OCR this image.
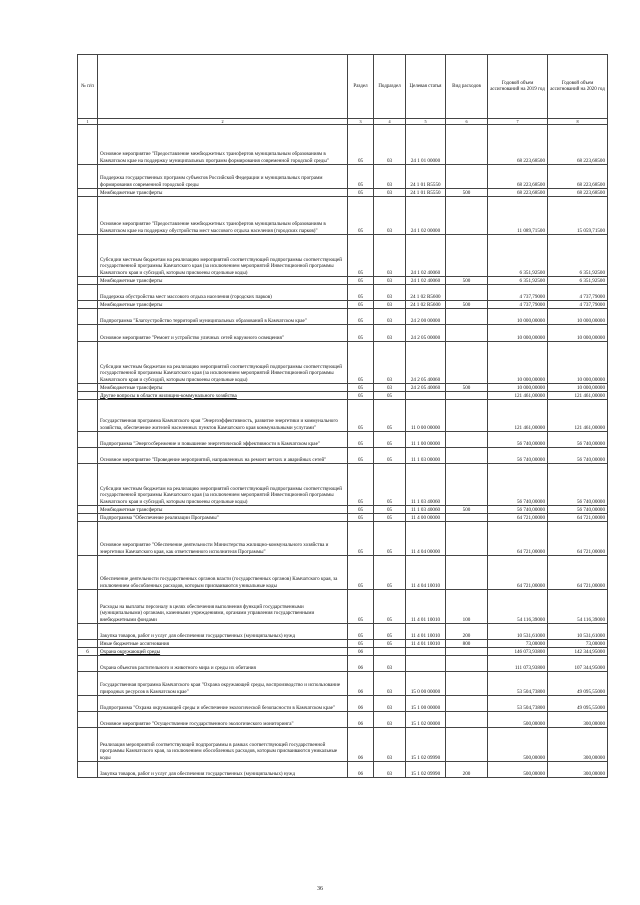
№ п/п		Раздел	Подраздел	Целевая статья	Вид расходов	Годовой объем ассигнований на 2019 год	Годовой объем ассигнований на 2020 год
1	2	3	4	5	6	7	8
	Основное мероприятие "Предоставление межбюджетных трансфертов муниципальным образованиям в Камчатском крае на поддержку муниципальных программ формирования современной городской среды"	05	03	24 1 01 00000		68 223,68500	68 223,68500
	Поддержка государственных программ субъектов Российской Федерации и муниципальных программ формирования современной городской среды	05	03	24 1 01 R5550		68 223,68500	68 223,68500
	Межбюджетные трансферты	05	03	24 1 01 R5550	500	68 223,68500	68 223,68500
	Основное мероприятие "Предоставление межбюджетных трансфертов муниципальным образованиям в Камчатском крае на поддержку обустройства мест массового отдыха населения (городских парков)"	05	03	24 1 02 00000		11 089,71500	15 059,71500
	Субсидии местным бюджетам на реализацию мероприятий соответствующей подпрограммы соответствующей государственной программы Камчатского края (за исключением мероприятий Инвестиционной программы Камчатского края и субсидий, которым присвоены отдельные коды)	05	03	24 1 02 40060		6 351,92500	6 351,92500
	Межбюджетные трансферты	05	03	24 1 02 40060	500	6 351,92500	6 351,92500
	Поддержка обустройства мест массового отдыха населения (городских парков)	05	03	24 1 02 R5600		4 737,79000	4 737,79000
	Межбюджетные трансферты	05	03	24 1 02 R5600	500	4 737,79000	4 737,79000
	Подпрограмма "Благоустройство территорий муниципальных образований в Камчатском крае"	05	03	24 2 00 00000		10 000,00000	10 000,00000
	Основное мероприятие "Ремонт и устройство уличных сетей наружного освещения"	05	03	24 2 05 00000		10 000,00000	10 000,00000
	Субсидии местным бюджетам на реализацию мероприятий соответствующей подпрограммы соответствующей государственной программы Камчатского края (за исключением мероприятий Инвестиционной программы Камчатского края и субсидий, которым присвоены отдельные коды)	05	03	24 2 05 40060		10 000,00000	10 000,00000
	Межбюджетные трансферты	05	03	24 2 05 40060	500	10 000,00000	10 000,00000
	Другие вопросы в области жилищно-коммунального хозяйства	05	05			121 461,00000	121 461,00000
	Государственная программа Камчатского края "Энергоэффективность, развитие энергетики и коммунального хозяйства, обеспечение жителей населенных пунктов Камчатского края коммунальными услугами"	05	05	11 0 00 00000		121 461,00000	121 461,00000
	Подпрограмма "Энергосбережение и повышение энергетической эффективности в Камчатском крае"	05	05	11 1 00 00000		56 740,00000	56 740,00000
	Основное мероприятие "Проведение мероприятий, направленных на ремонт ветхих и аварийных сетей"	05	05	11 1 03 00000		56 740,00000	56 740,00000
	Субсидии местным бюджетам на реализацию мероприятий соответствующей подпрограммы соответствующей государственной программы Камчатского края (за исключением мероприятий Инвестиционной программы Камчатского края и субсидий, которым присвоены отдельные коды)	05	05	11 1 03 40060		56 740,00000	56 740,00000
	Межбюджетные трансферты	05	05	11 1 03 40060	500	56 740,00000	56 740,00000
	Подпрограмма "Обеспечение реализации Программы"	05	05	11 4 00 00000		64 721,00000	64 721,00000
	Основное мероприятие "Обеспечение деятельности Министерства жилищно-коммунального хозяйства и энергетики Камчатского края, как ответственного исполнителя Программы"	05	05	11 4 04 00000		64 721,00000	64 721,00000
	Обеспечение деятельности государственных органов власти (государственных органов) Камчатского края, за исключением обособленных расходов, которым присваиваются уникальные коды	05	05	11 4 04 10010		64 721,00000	64 721,00000
	Расходы на выплаты персоналу в целях обеспечения выполнения функций государственными (муниципальными) органами, казенными учреждениями, органами управления государственными внебюджетными фондами	05	05	11 4 01 10010	100	54 116,39000	54 116,39000
	Закупка товаров, работ и услуг для обеспечения государственных (муниципальных) нужд	05	05	11 4 01 10010	200	10 531,61000	10 531,61000
	Иные бюджетные ассигнования	05	05	11 4 01 10010	800	73,00000	73,00000
6	Охрана окружающей среды	06				146 073,93800	142 344,95000
	Охрана объектов растительного и животного мира и среды их обитания	06	03			111 073,93800	107 344,95000
	Государственная программа Камчатского края "Охрана окружающей среды, воспроизводство и использование природных ресурсов в Камчатском крае"	06	03	15 0 00 00000		53 504,73800	49 095,55000
	Подпрограмма "Охрана окружающей среды и обеспечение экологической безопасности в Камчатском крае"	06	03	15 1 00 00000		53 504,73800	49 095,55000
	Основное мероприятие "Осуществление государственного экологического мониторинга"	06	03	15 1 02 00000		500,00000	300,00000
	Реализация мероприятий соответствующей подпрограммы в рамках соответствующей государственной программы Камчатского края, за исключением обособленных расходов, которым присваиваются уникальные коды	06	03	15 1 02 09990		500,00000	300,00000
	Закупка товаров, работ и услуг для обеспечения государственных (муниципальных) нужд	06	03	15 1 02 09990	200	500,00000	300,00000
36
